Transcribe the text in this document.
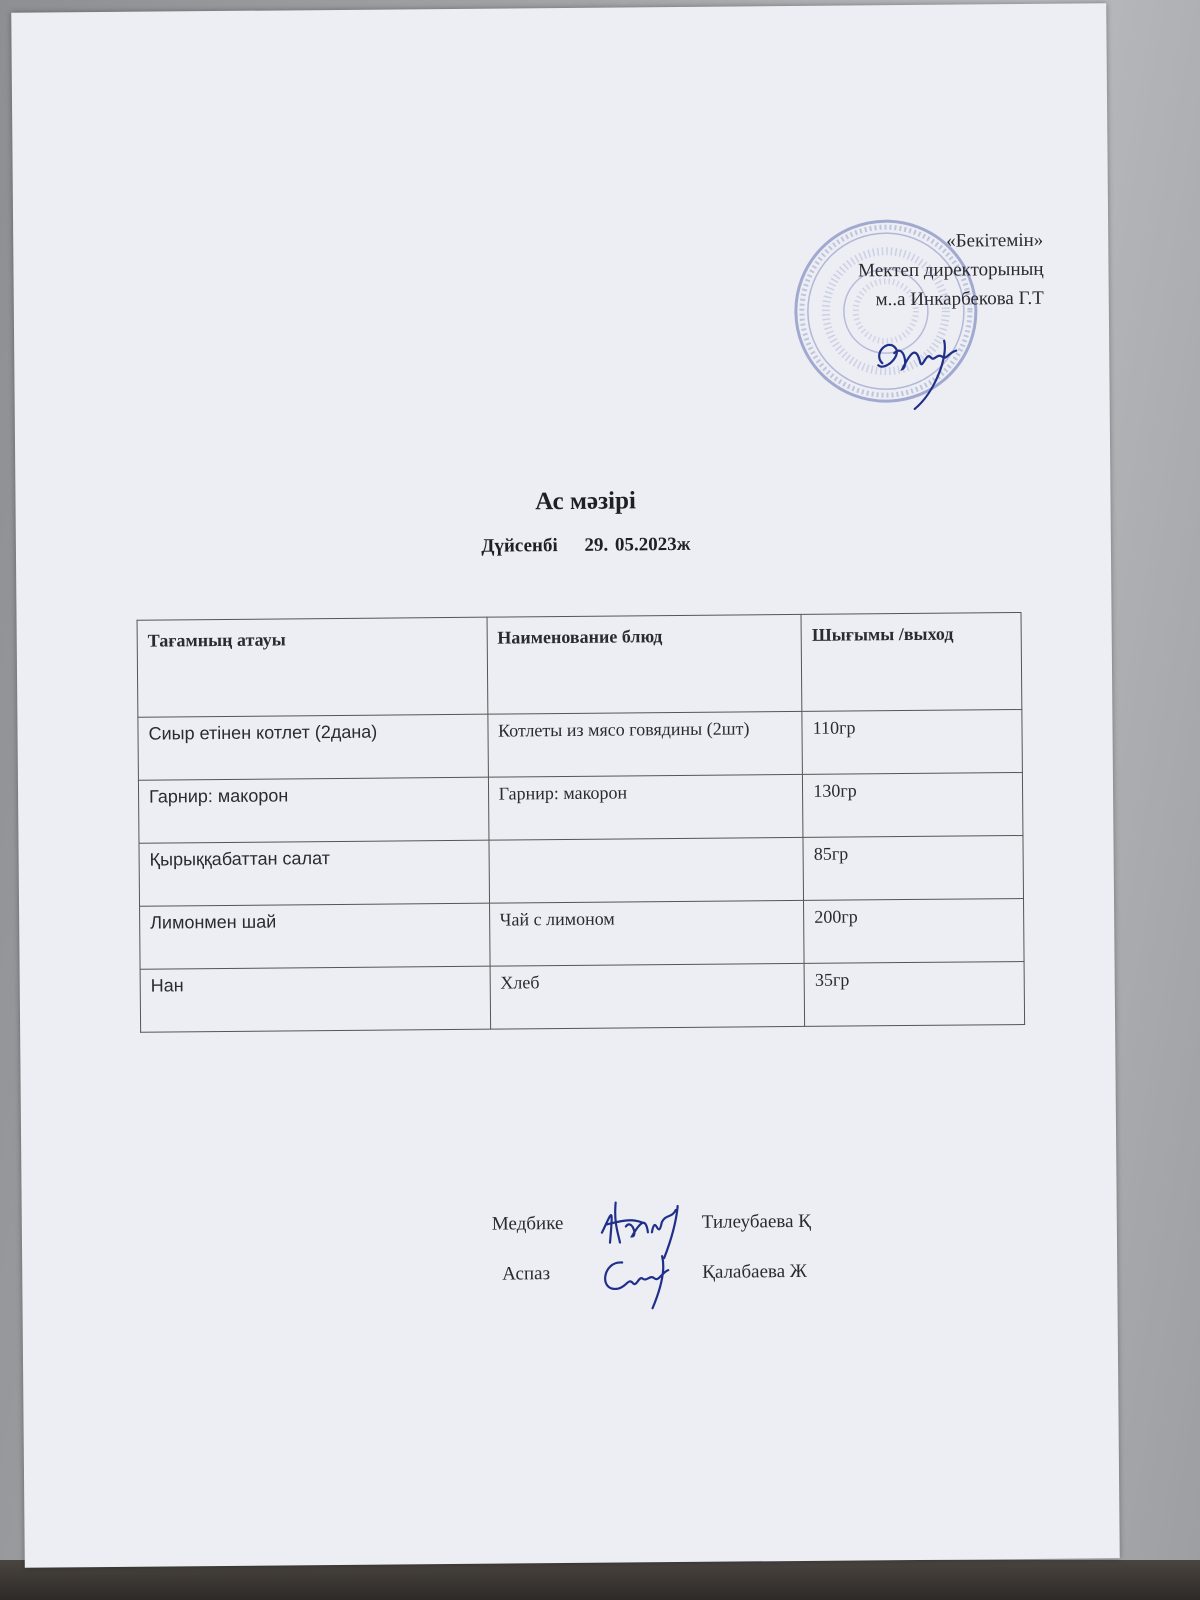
«Бекітемін»
Мектеп директорының
м..а Инкарбекова Г.Т
Ас мәзірі
Дүйсенбі 29. 05.2023ж
Тағамның атауы	Наименование блюд	Шығымы /выход
Сиыр етінен котлет (2дана)	Котлеты из мясо говядины (2шт)	110гр
Гарнир: макорон	Гарнир: макорон	130гр
Қырыққабаттан салат		85гр
Лимонмен шай	Чай с лимоном	200гр
Нан	Хлеб	35гр
Медбике	Тилеубаева Қ
Аспаз	Қалабаева Ж
